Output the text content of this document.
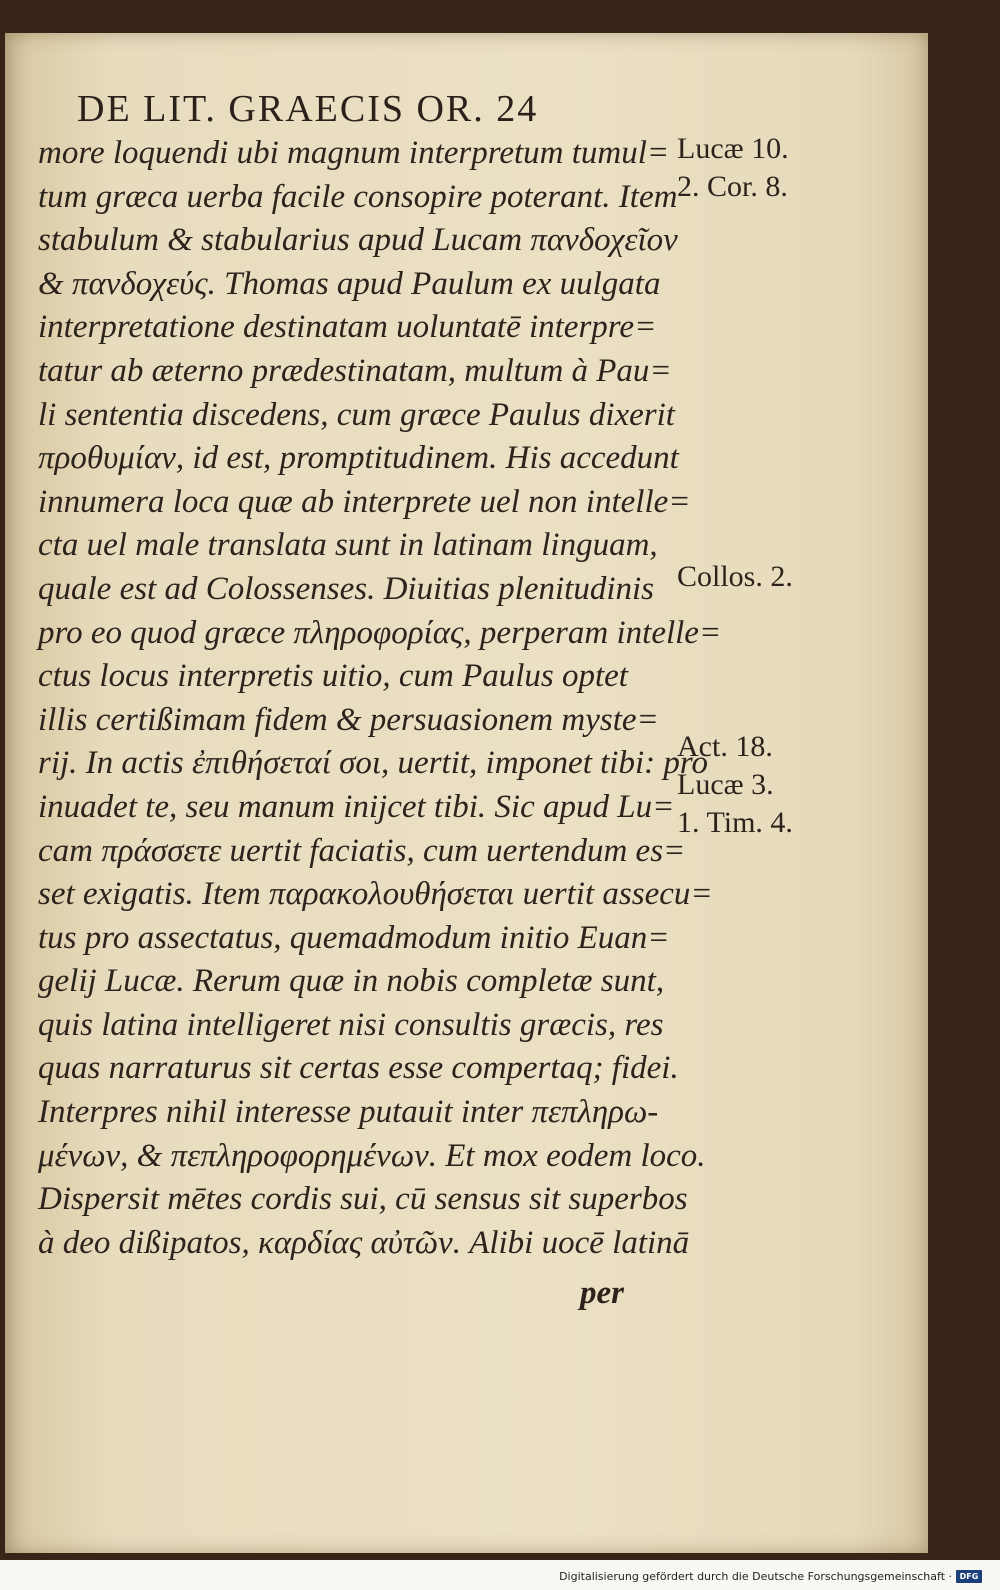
DE LIT. GRAECIS OR. 24
more loquendi ubi magnum interpretum tumul=
tum græca uerba facile consopire poterant. Item
stabulum & stabularius apud Lucam πανδοχεῖον
& πανδοχεύς. Thomas apud Paulum ex uulgata
interpretatione destinatam uoluntatē interpre=
tatur ab æterno prædestinatam, multum à Pau=
li sententia discedens, cum græce Paulus dixerit
προθυμίαν, id est, promptitudinem. His accedunt
innumera loca quæ ab interprete uel non intelle=
cta uel male translata sunt in latinam linguam,
quale est ad Colossenses. Diuitias plenitudinis
pro eo quod græce πληροφορίας, perperam intelle=
ctus locus interpretis uitio, cum Paulus optet
illis certißimam fidem & persuasionem myste=
rij. In actis ἐπιθήσεταί σοι, uertit, imponet tibi: pro
inuadet te, seu manum inijcet tibi. Sic apud Lu=
cam πράσσετε uertit faciatis, cum uertendum es=
set exigatis. Item παρακολουθήσεται uertit assecu=
tus pro assectatus, quemadmodum initio Euan=
gelij Lucæ. Rerum quæ in nobis completæ sunt,
quis latina intelligeret nisi consultis græcis, res
quas narraturus sit certas esse compertaq; fidei.
Interpres nihil interesse putauit inter πεπληρω-
μένων, & πεπληροφορημένων. Et mox eodem loco.
Dispersit mētes cordis sui, cū sensus sit superbos
à deo dißipatos, καρδίας αὐτῶν. Alibi uocē latinā
Lucæ 10.
2. Cor. 8.
Collos. 2.
Act. 18.
Lucæ 3.
1. Tim. 4.
per
Digitalisierung gefördert durch die Deutsche Forschungsgemeinschaft · DFG
